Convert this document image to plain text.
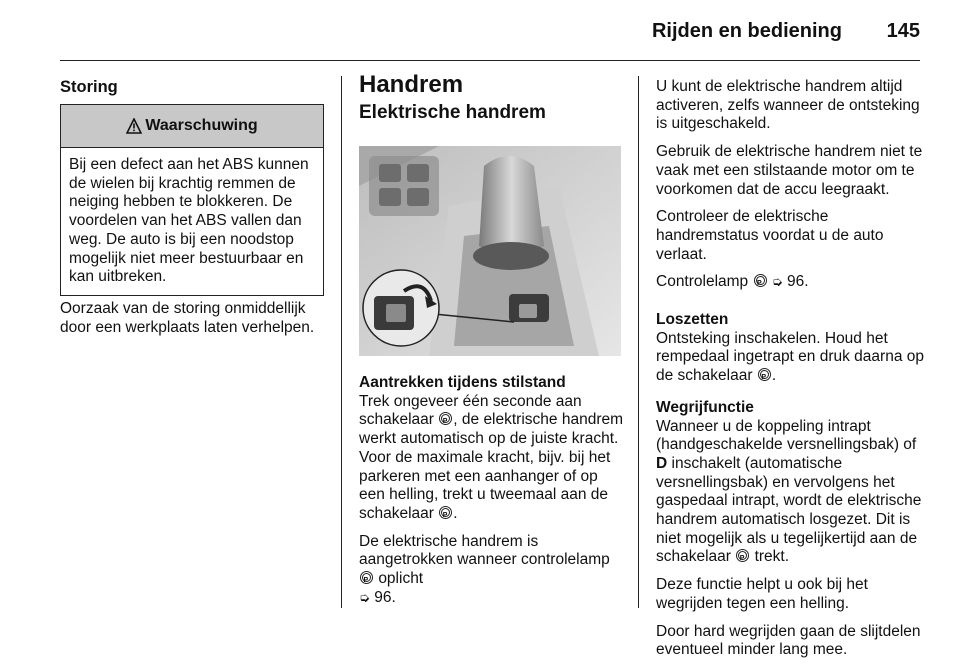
Rijden en bediening 145

Storing

Waarschuwing
Bij een defect aan het ABS kunnen de wielen bij krachtig remmen de neiging hebben te blokkeren. De voordelen van het ABS vallen dan weg. De auto is bij een noodstop mogelijk niet meer bestuurbaar en kan uitbreken.
Oorzaak van de storing onmiddellijk door een werkplaats laten verhelpen.

Handrem

Elektrische handrem

Aantrekken tijdens stilstand

Trek ongeveer één seconde aan schakelaar P , de elektrische handrem werkt automatisch op de juiste kracht. Voor de maximale kracht, bijv. bij het parkeren met een aanhanger of op een helling, trekt u tweemaal aan de schakelaar P .

De elektrische handrem is aangetrokken wanneer controlelamp P oplicht
➭ 96.

U kunt de elektrische handrem altijd activeren, zelfs wanneer de ontsteking is uitgeschakeld.

Gebruik de elektrische handrem niet te vaak met een stilstaande motor om te voorkomen dat de accu leegraakt.

Controleer de elektrische handremstatus voordat u de auto verlaat.

Controlelamp P ➭ 96.

Loszetten

Ontsteking inschakelen. Houd het rempedaal ingetrapt en druk daarna op de schakelaar P .

Wegrijfunctie

Wanneer u de koppeling intrapt (handgeschakelde versnellingsbak) of D inschakelt (automatische versnellingsbak) en vervolgens het gaspedaal intrapt, wordt de elektrische handrem automatisch losgezet. Dit is niet mogelijk als u tegelijkertijd aan de schakelaar P trekt.

Deze functie helpt u ook bij het wegrijden tegen een helling.

Door hard wegrijden gaan de slijtdelen eventueel minder lang mee.
